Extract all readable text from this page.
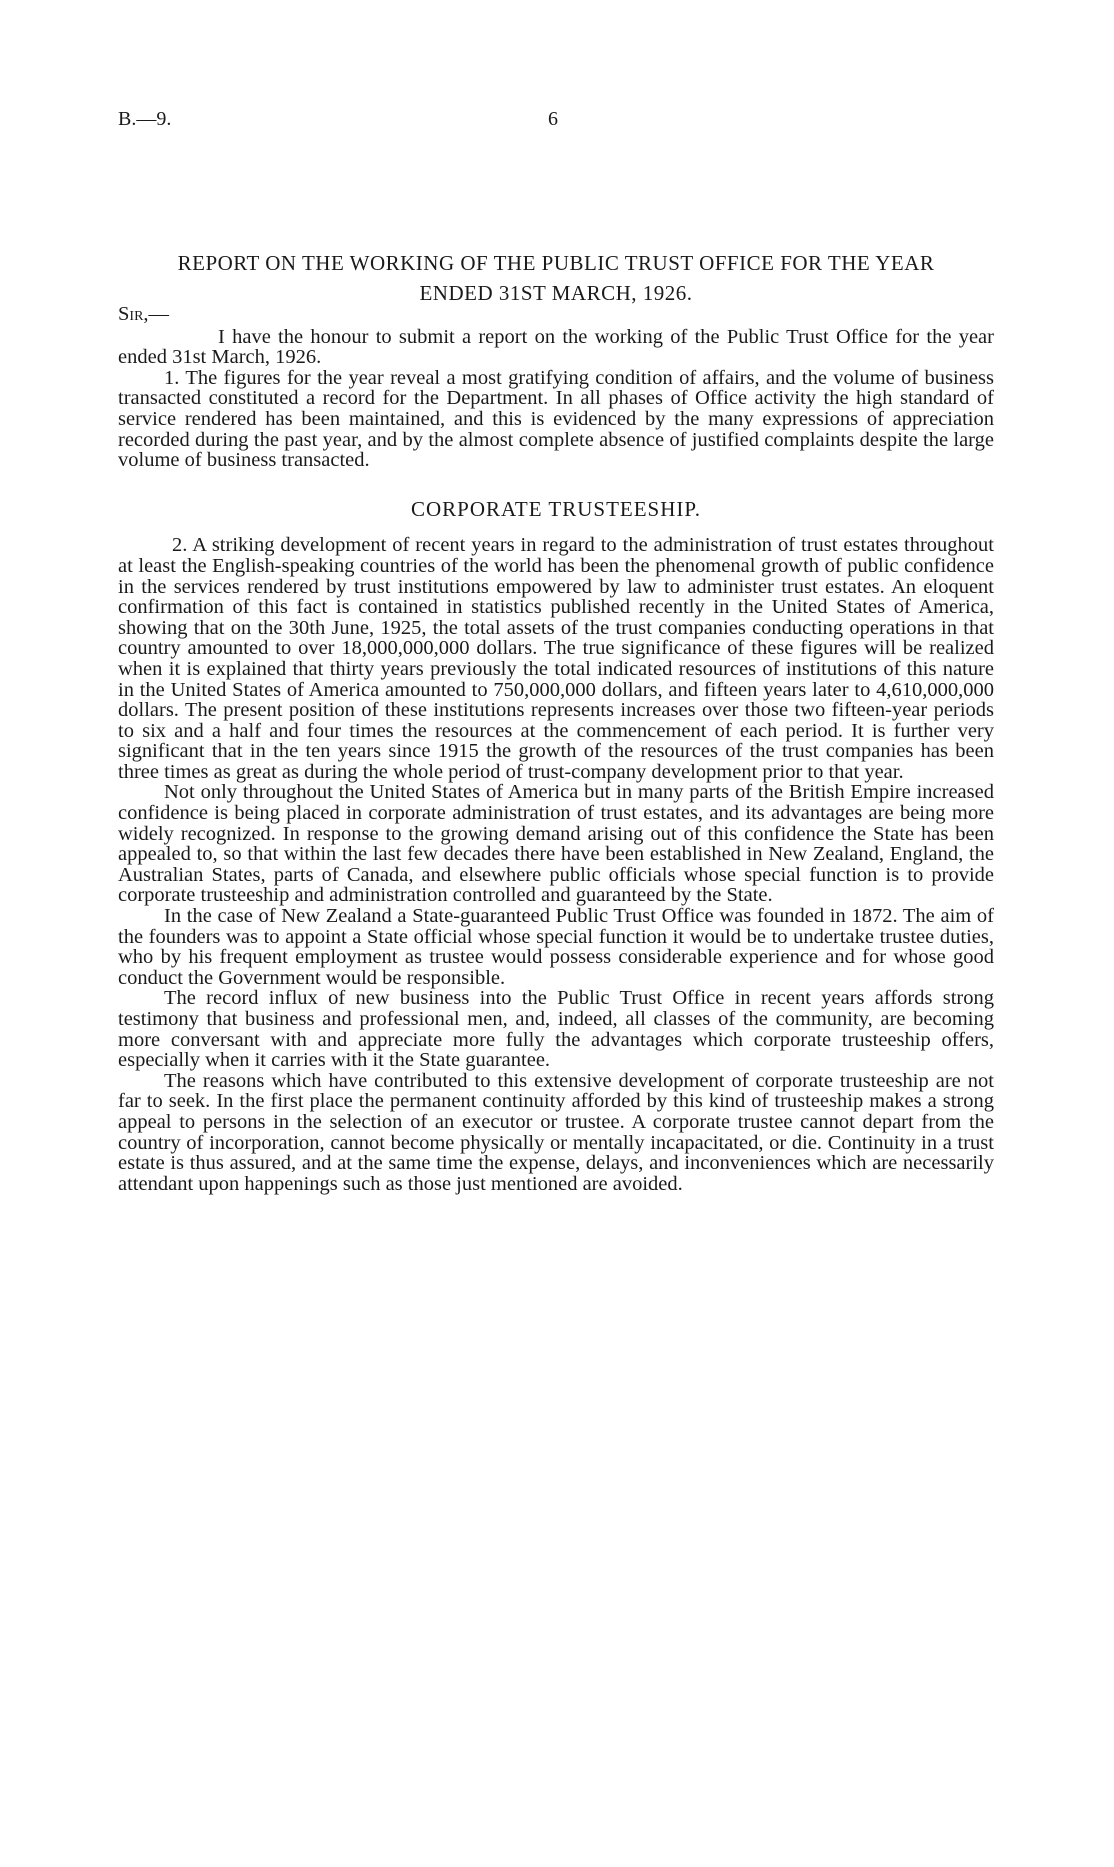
B.—9.	6
REPORT ON THE WORKING OF THE PUBLIC TRUST OFFICE FOR THE YEAR
ENDED 31ST MARCH, 1926.

Sir,—

I have the honour to submit a report on the working of the Public Trust Office for the year ended 31st March, 1926.

1. The figures for the year reveal a most gratifying condition of affairs, and the volume of business transacted constituted a record for the Department. In all phases of Office activity the high standard of service rendered has been maintained, and this is evidenced by the many expressions of appreciation recorded during the past year, and by the almost complete absence of justified complaints despite the large volume of business transacted.

CORPORATE TRUSTEESHIP.

2. A striking development of recent years in regard to the administration of trust estates throughout at least the English-speaking countries of the world has been the phenomenal growth of public confidence in the services rendered by trust institutions empowered by law to administer trust estates. An eloquent confirmation of this fact is contained in statistics published recently in the United States of America, showing that on the 30th June, 1925, the total assets of the trust companies conducting operations in that country amounted to over 18,000,000,000 dollars. The true significance of these figures will be realized when it is explained that thirty years previously the total indicated resources of institutions of this nature in the United States of America amounted to 750,000,000 dollars, and fifteen years later to 4,610,000,000 dollars. The present position of these institutions represents increases over those two fifteen-year periods to six and a half and four times the resources at the commencement of each period. It is further very significant that in the ten years since 1915 the growth of the resources of the trust companies has been three times as great as during the whole period of trust-company development prior to that year.

Not only throughout the United States of America but in many parts of the British Empire increased confidence is being placed in corporate administration of trust estates, and its advantages are being more widely recognized. In response to the growing demand arising out of this confidence the State has been appealed to, so that within the last few decades there have been established in New Zealand, England, the Australian States, parts of Canada, and elsewhere public officials whose special function is to provide corporate trusteeship and administration controlled and guaranteed by the State.

In the case of New Zealand a State-guaranteed Public Trust Office was founded in 1872. The aim of the founders was to appoint a State official whose special function it would be to undertake trustee duties, who by his frequent employment as trustee would possess considerable experience and for whose good conduct the Government would be responsible.

The record influx of new business into the Public Trust Office in recent years affords strong testimony that business and professional men, and, indeed, all classes of the community, are becoming more conversant with and appreciate more fully the advantages which corporate trusteeship offers, especially when it carries with it the State guarantee.

The reasons which have contributed to this extensive development of corporate trusteeship are not far to seek. In the first place the permanent continuity afforded by this kind of trusteeship makes a strong appeal to persons in the selection of an executor or trustee. A corporate trustee cannot depart from the country of incorporation, cannot become physically or mentally incapacitated, or die. Continuity in a trust estate is thus assured, and at the same time the expense, delays, and inconveniences which are necessarily attendant upon happenings such as those just mentioned are avoided.
